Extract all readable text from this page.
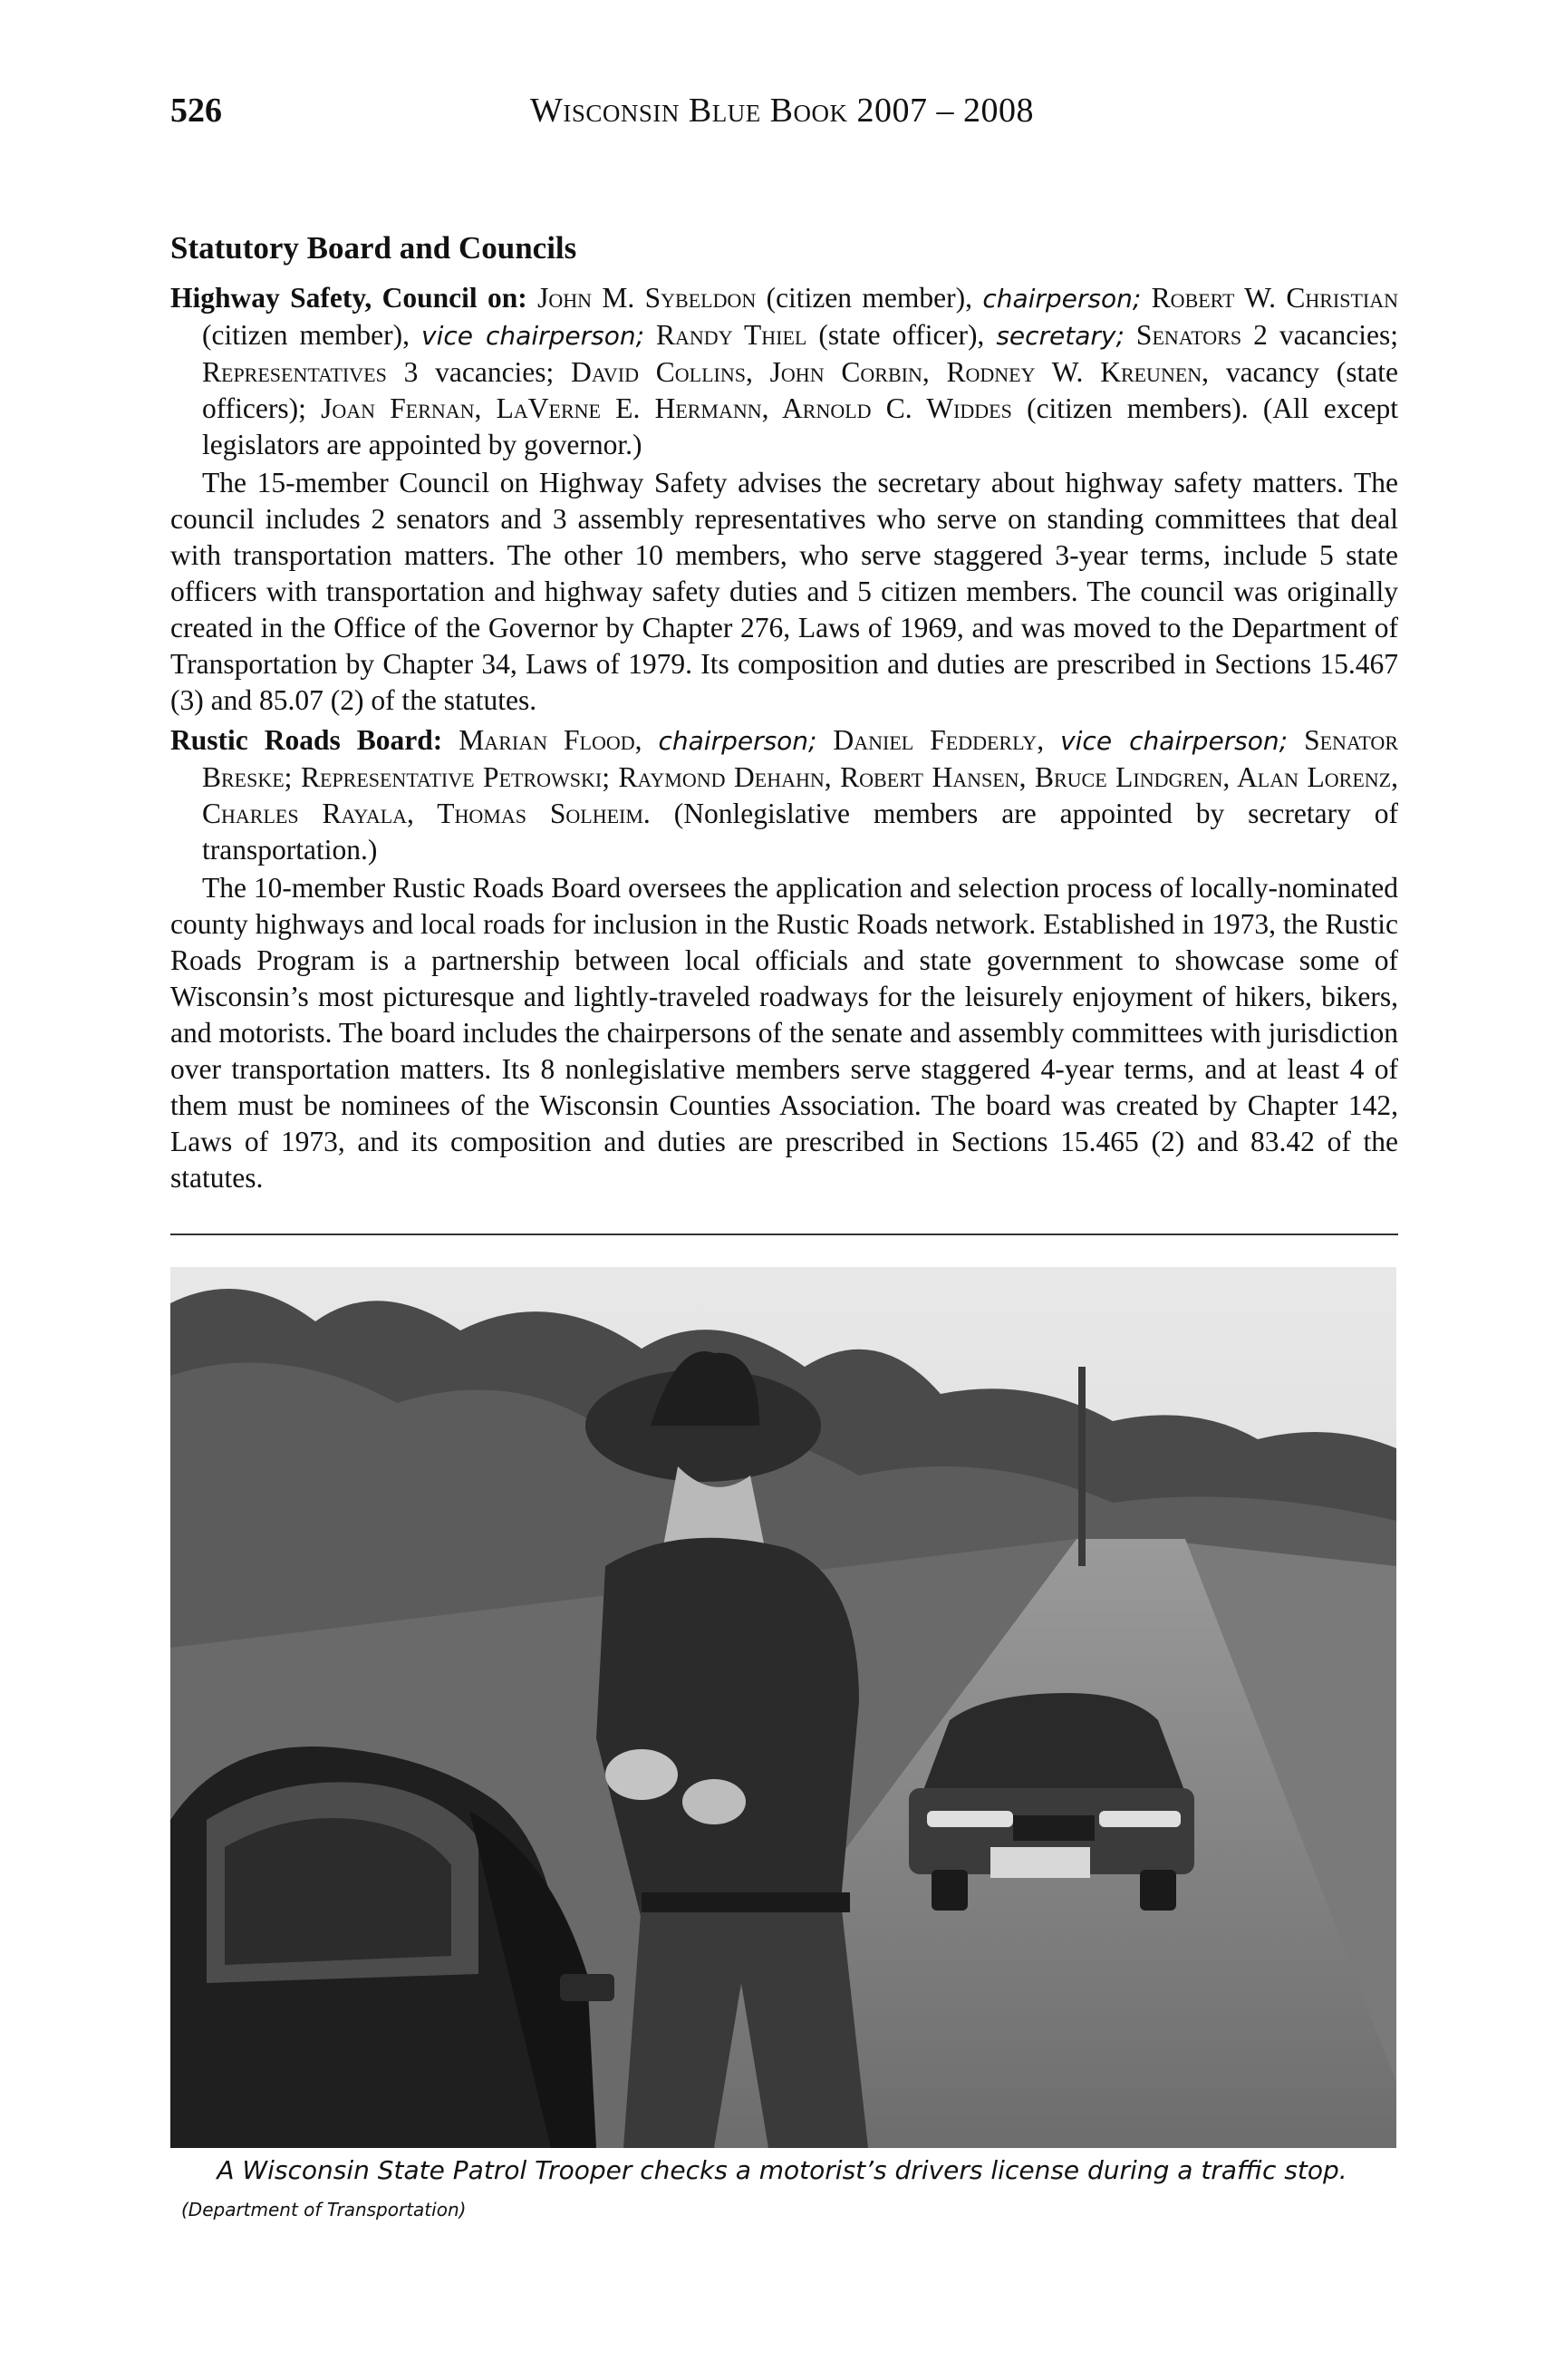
526	Wisconsin Blue Book 2007 – 2008
Statutory Board and Councils

Highway Safety, Council on: John M. Sybeldon (citizen member), chairperson; Robert W. Christian (citizen member), vice chairperson; Randy Thiel (state officer), secretary; Senators 2 vacancies; Representatives 3 vacancies; David Collins, John Corbin, Rodney W. Kreunen, vacancy (state officers); Joan Fernan, LaVerne E. Hermann, Arnold C. Widdes (citizen members). (All except legislators are appointed by governor.)

The 15-member Council on Highway Safety advises the secretary about highway safety matters. The council includes 2 senators and 3 assembly representatives who serve on standing committees that deal with transportation matters. The other 10 members, who serve staggered 3-year terms, include 5 state officers with transportation and highway safety duties and 5 citizen members. The council was originally created in the Office of the Governor by Chapter 276, Laws of 1969, and was moved to the Department of Transportation by Chapter 34, Laws of 1979. Its composition and duties are prescribed in Sections 15.467 (3) and 85.07 (2) of the statutes.

Rustic Roads Board: Marian Flood, chairperson; Daniel Fedderly, vice chairperson; Senator Breske; Representative Petrowski; Raymond Dehahn, Robert Hansen, Bruce Lindgren, Alan Lorenz, Charles Rayala, Thomas Solheim. (Nonlegislative members are appointed by secretary of transportation.)

The 10-member Rustic Roads Board oversees the application and selection process of locally-nominated county highways and local roads for inclusion in the Rustic Roads network. Established in 1973, the Rustic Roads Program is a partnership between local officials and state government to showcase some of Wisconsin’s most picturesque and lightly-traveled roadways for the leisurely enjoyment of hikers, bikers, and motorists. The board includes the chairpersons of the senate and assembly committees with jurisdiction over transportation matters. Its 8 nonlegislative members serve staggered 4-year terms, and at least 4 of them must be nominees of the Wisconsin Counties Association. The board was created by Chapter 142, Laws of 1973, and its composition and duties are prescribed in Sections 15.465 (2) and 83.42 of the statutes.

A Wisconsin State Patrol Trooper checks a motorist’s drivers license during a traffic stop.
(Department of Transportation)
